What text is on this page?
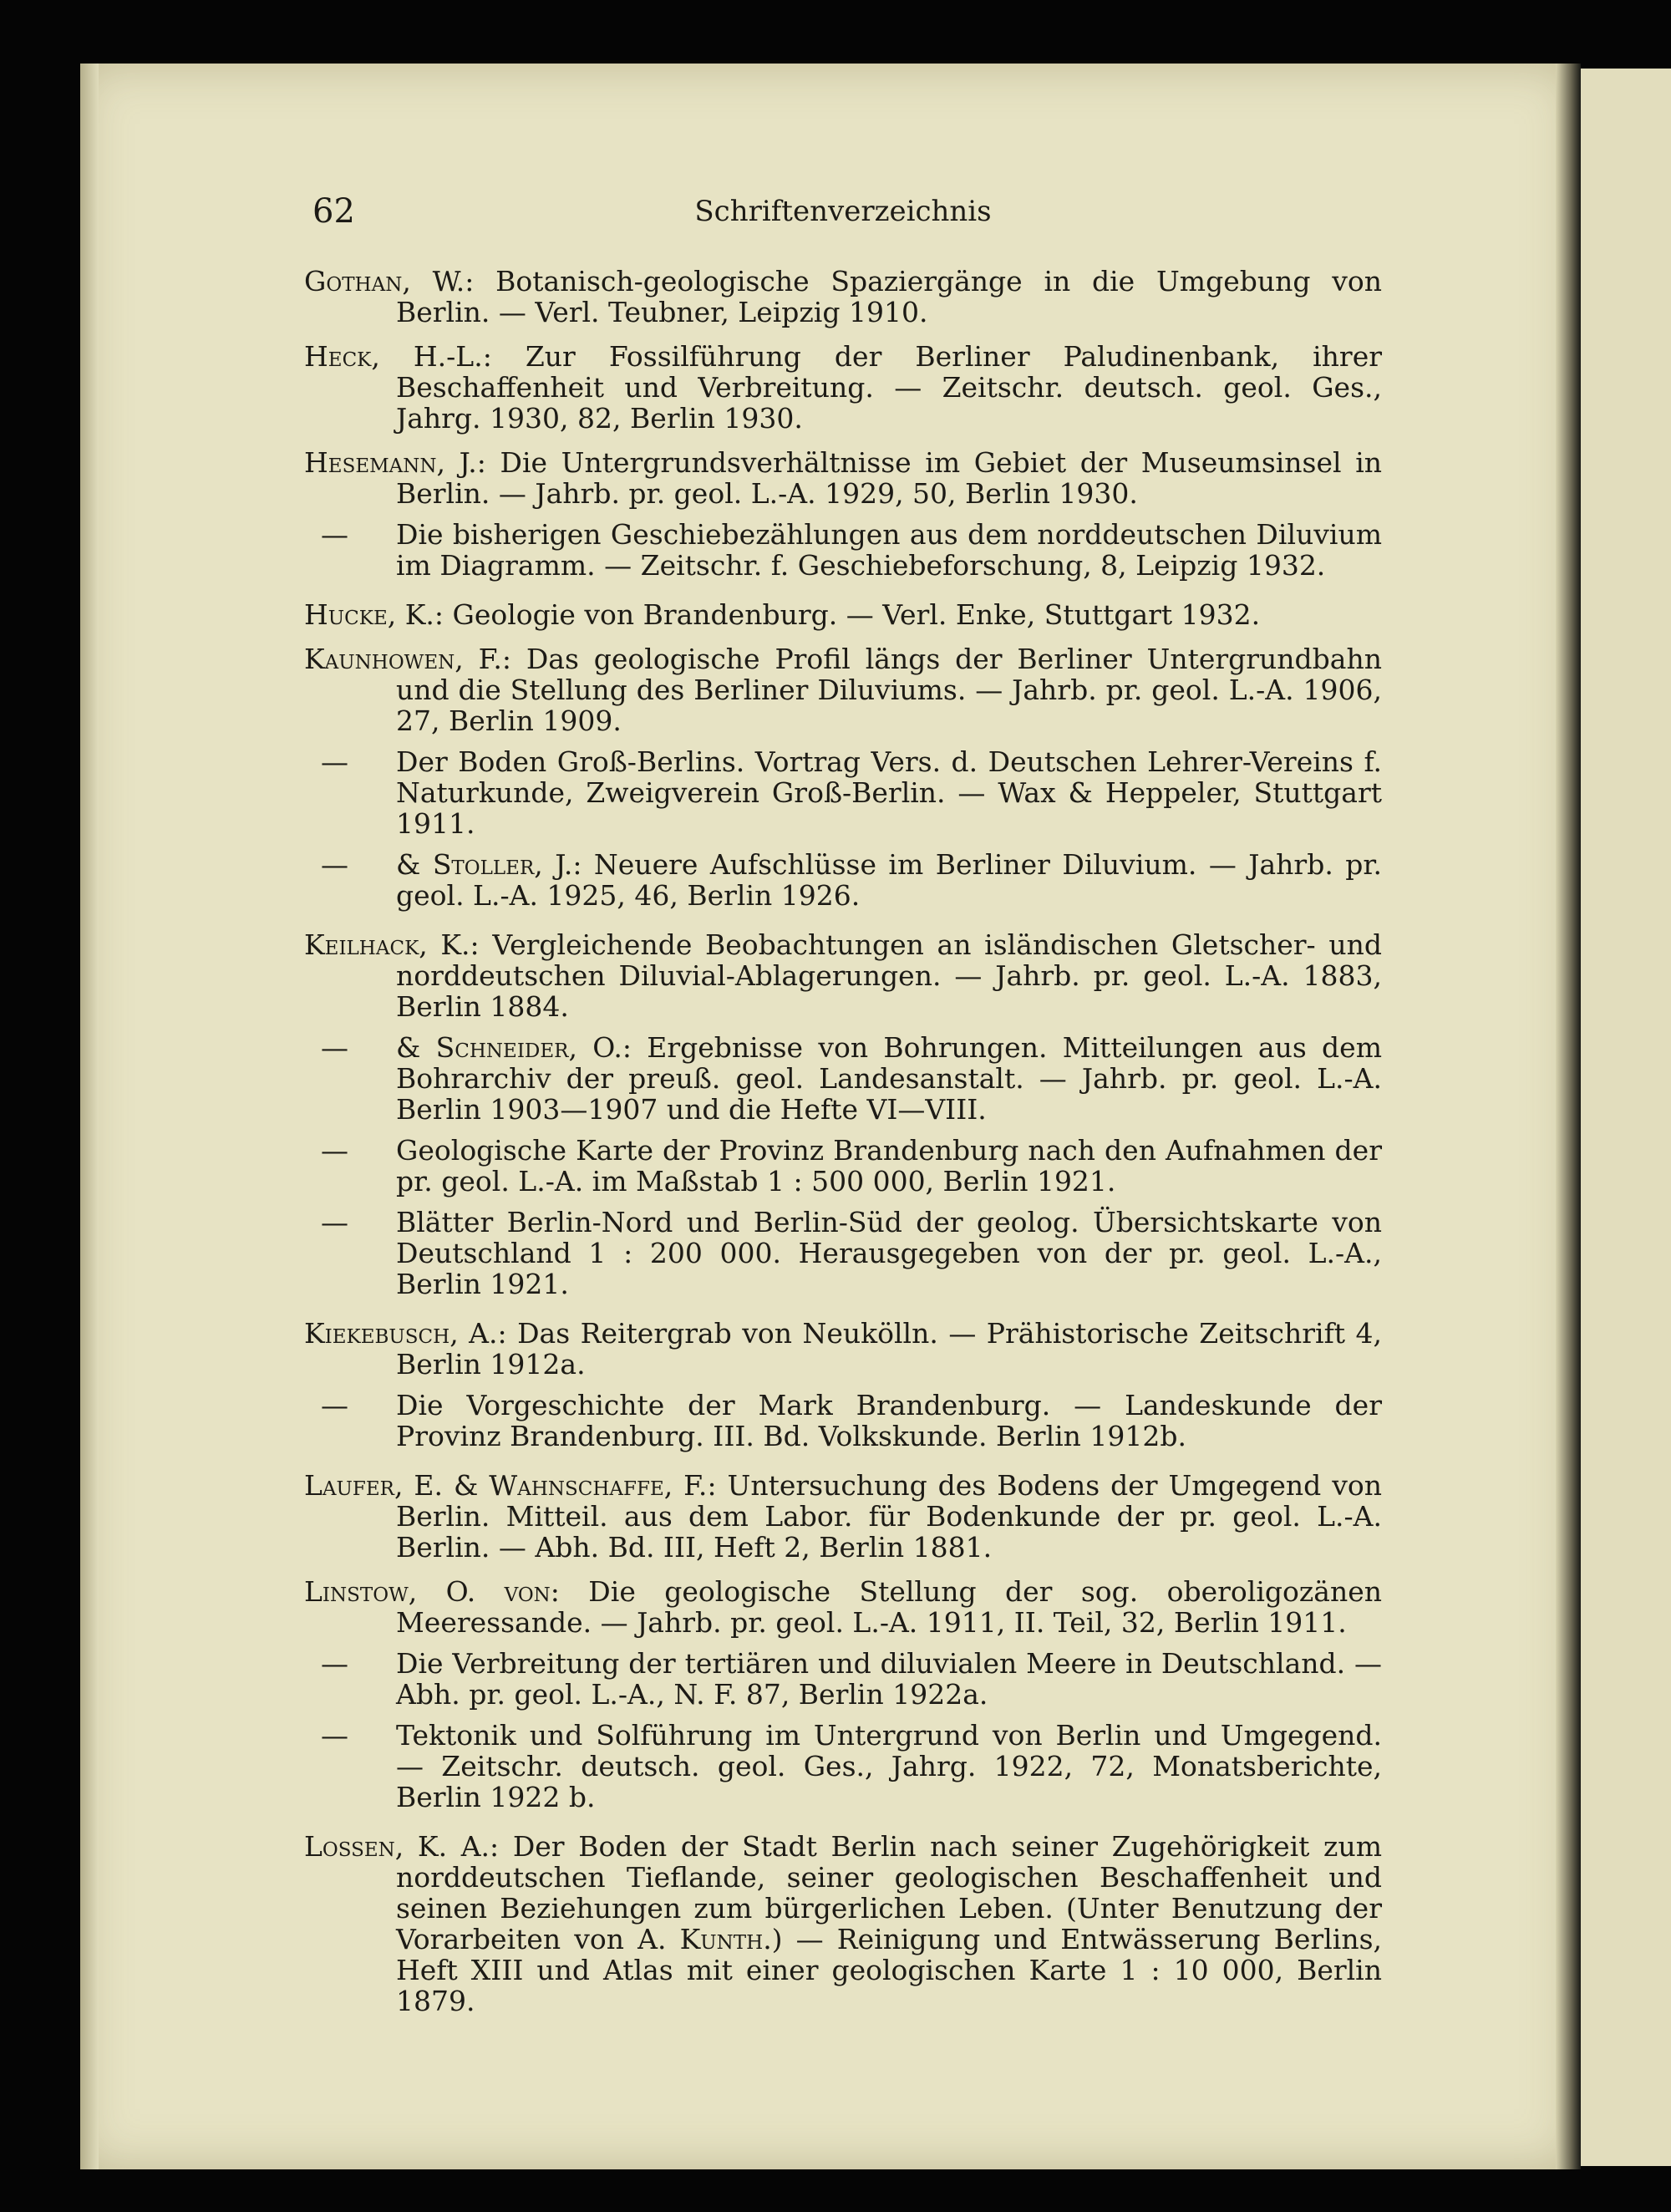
62	Schriftenverzeichnis
Gothan, W.: Botanisch-geologische Spaziergänge in die Umgebung von Berlin. — Verl. Teubner, Leipzig 1910.
Heck, H.-L.: Zur Fossilführung der Berliner Paludinenbank, ihrer Beschaffenheit und Verbreitung. — Zeitschr. deutsch. geol. Ges., Jahrg. 1930, 82, Berlin 1930.
Hesemann, J.: Die Untergrundsverhältnisse im Gebiet der Museumsinsel in Berlin. — Jahrb. pr. geol. L.-A. 1929, 50, Berlin 1930.
— Die bisherigen Geschiebezählungen aus dem norddeutschen Diluvium im Diagramm. — Zeitschr. f. Geschiebeforschung, 8, Leipzig 1932.
Hucke, K.: Geologie von Brandenburg. — Verl. Enke, Stuttgart 1932.
Kaunhowen, F.: Das geologische Profil längs der Berliner Untergrundbahn und die Stellung des Berliner Diluviums. — Jahrb. pr. geol. L.-A. 1906, 27, Berlin 1909.
— Der Boden Groß-Berlins. Vortrag Vers. d. Deutschen Lehrer-Vereins f. Naturkunde, Zweigverein Groß-Berlin. — Wax & Heppeler, Stuttgart 1911.
— & Stoller, J.: Neuere Aufschlüsse im Berliner Diluvium. — Jahrb. pr. geol. L.-A. 1925, 46, Berlin 1926.
Keilhack, K.: Vergleichende Beobachtungen an isländischen Gletscher- und norddeutschen Diluvial-Ablagerungen. — Jahrb. pr. geol. L.-A. 1883, Berlin 1884.
— & Schneider, O.: Ergebnisse von Bohrungen. Mitteilungen aus dem Bohrarchiv der preuß. geol. Landesanstalt. — Jahrb. pr. geol. L.-A. Berlin 1903—1907 und die Hefte VI—VIII.
— Geologische Karte der Provinz Brandenburg nach den Aufnahmen der pr. geol. L.-A. im Maßstab 1 : 500 000, Berlin 1921.
— Blätter Berlin-Nord und Berlin-Süd der geolog. Übersichtskarte von Deutschland 1 : 200 000. Herausgegeben von der pr. geol. L.-A., Berlin 1921.
Kiekebusch, A.: Das Reitergrab von Neukölln. — Prähistorische Zeitschrift 4, Berlin 1912a.
— Die Vorgeschichte der Mark Brandenburg. — Landeskunde der Provinz Brandenburg. III. Bd. Volkskunde. Berlin 1912b.
Laufer, E. & Wahnschaffe, F.: Untersuchung des Bodens der Umgegend von Berlin. Mitteil. aus dem Labor. für Bodenkunde der pr. geol. L.-A. Berlin. — Abh. Bd. III, Heft 2, Berlin 1881.
Linstow, O. von: Die geologische Stellung der sog. oberoligozänen Meeressande. — Jahrb. pr. geol. L.-A. 1911, II. Teil, 32, Berlin 1911.
— Die Verbreitung der tertiären und diluvialen Meere in Deutschland. — Abh. pr. geol. L.-A., N. F. 87, Berlin 1922a.
— Tektonik und Solführung im Untergrund von Berlin und Umgegend. — Zeitschr. deutsch. geol. Ges., Jahrg. 1922, 72, Monatsberichte, Berlin 1922 b.
Lossen, K. A.: Der Boden der Stadt Berlin nach seiner Zugehörigkeit zum norddeutschen Tieflande, seiner geologischen Beschaffenheit und seinen Beziehungen zum bürgerlichen Leben. (Unter Benutzung der Vorarbeiten von A. Kunth.) — Reinigung und Entwässerung Berlins, Heft XIII und Atlas mit einer geologischen Karte 1 : 10 000, Berlin 1879.
